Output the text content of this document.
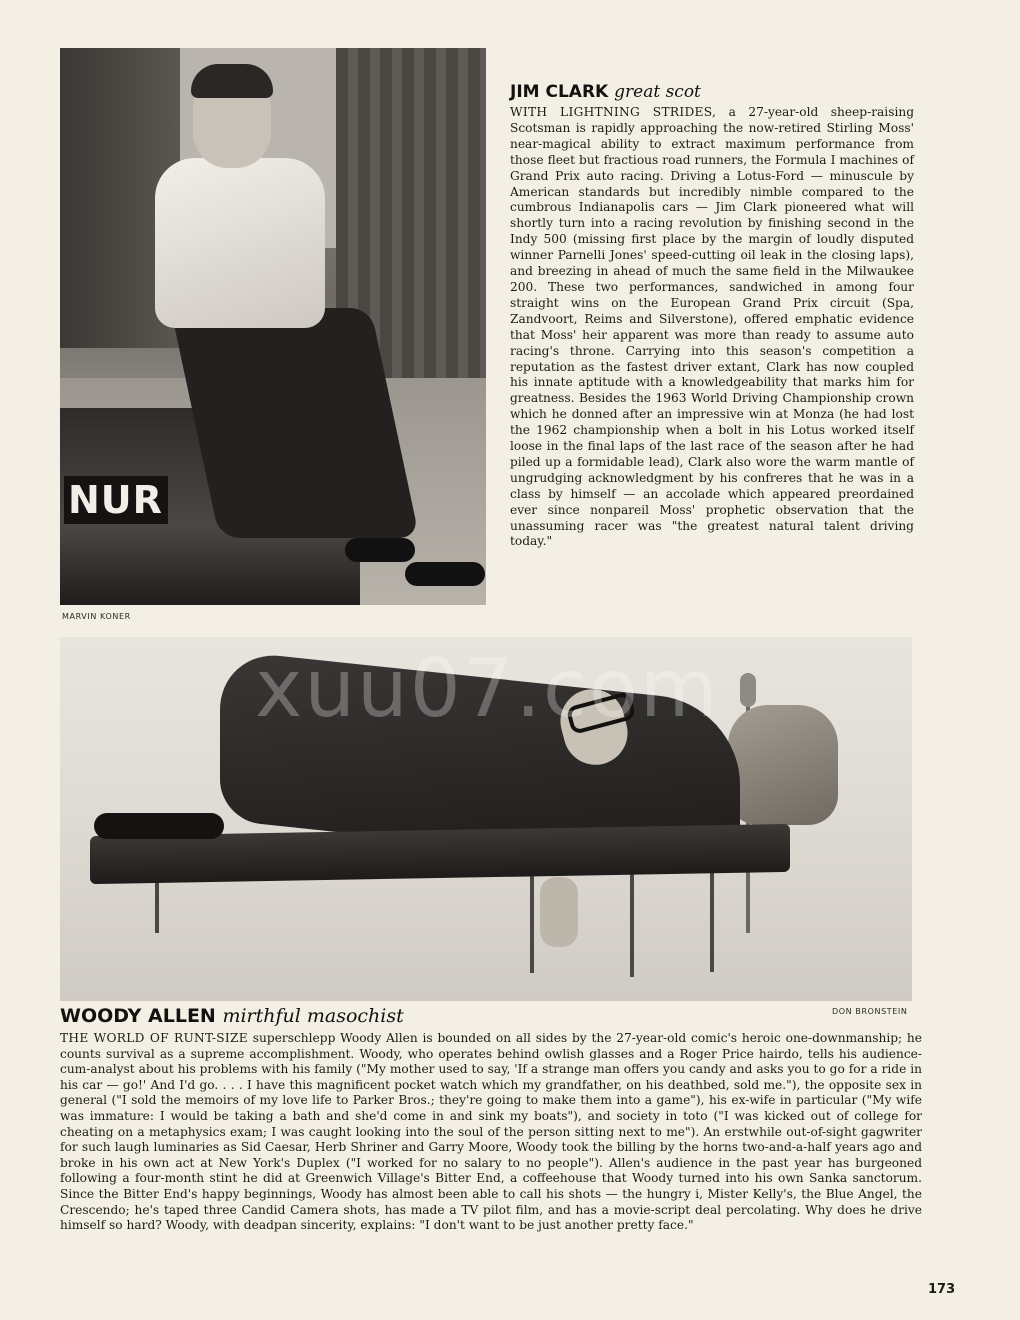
NUR
MARVIN KONER
JIM CLARK great scot

WITH LIGHTNING STRIDES, a 27-year-old sheep-raising Scotsman is rapidly approaching the now-retired Stirling Moss' near-magical ability to extract maximum performance from those fleet but fractious road runners, the Formula I machines of Grand Prix auto racing. Driving a Lotus-Ford — minuscule by American standards but incredibly nimble compared to the cumbrous Indianapolis cars — Jim Clark pioneered what will shortly turn into a racing revolution by finishing second in the Indy 500 (missing first place by the margin of loudly disputed winner Parnelli Jones' speed-cutting oil leak in the closing laps), and breezing in ahead of much the same field in the Milwaukee 200. These two performances, sandwiched in among four straight wins on the European Grand Prix circuit (Spa, Zandvoort, Reims and Silverstone), offered emphatic evidence that Moss' heir apparent was more than ready to assume auto racing's throne. Carrying into this season's competition a reputation as the fastest driver extant, Clark has now coupled his innate aptitude with a knowledgeability that marks him for greatness. Besides the 1963 World Driving Championship crown which he donned after an impressive win at Monza (he had lost the 1962 championship when a bolt in his Lotus worked itself loose in the final laps of the last race of the season after he had piled up a formidable lead), Clark also wore the warm mantle of ungrudging acknowledgment by his confreres that he was in a class by himself — an accolade which appeared preordained ever since nonpareil Moss' prophetic observation that the unassuming racer was "the greatest natural talent driving today."

xuu07.com
DON BRONSTEIN
WOODY ALLEN mirthful masochist

THE WORLD OF RUNT-SIZE superschlepp Woody Allen is bounded on all sides by the 27-year-old comic's heroic one-downmanship; he counts survival as a supreme accomplishment. Woody, who operates behind owlish glasses and a Roger Price hairdo, tells his audience-cum-analyst about his problems with his family ("My mother used to say, 'If a strange man offers you candy and asks you to go for a ride in his car — go!' And I'd go. . . . I have this magnificent pocket watch which my grandfather, on his deathbed, sold me."), the opposite sex in general ("I sold the memoirs of my love life to Parker Bros.; they're going to make them into a game"), his ex-wife in particular ("My wife was immature: I would be taking a bath and she'd come in and sink my boats"), and society in toto ("I was kicked out of college for cheating on a metaphysics exam; I was caught looking into the soul of the person sitting next to me"). An erstwhile out-of-sight gagwriter for such laugh luminaries as Sid Caesar, Herb Shriner and Garry Moore, Woody took the billing by the horns two-and-a-half years ago and broke in his own act at New York's Duplex ("I worked for no salary to no people"). Allen's audience in the past year has burgeoned following a four-month stint he did at Greenwich Village's Bitter End, a coffeehouse that Woody turned into his own Sanka sanctorum. Since the Bitter End's happy beginnings, Woody has almost been able to call his shots — the hungry i, Mister Kelly's, the Blue Angel, the Crescendo; he's taped three Candid Camera shots, has made a TV pilot film, and has a movie-script deal percolating. Why does he drive himself so hard? Woody, with deadpan sincerity, explains: "I don't want to be just another pretty face."

173
